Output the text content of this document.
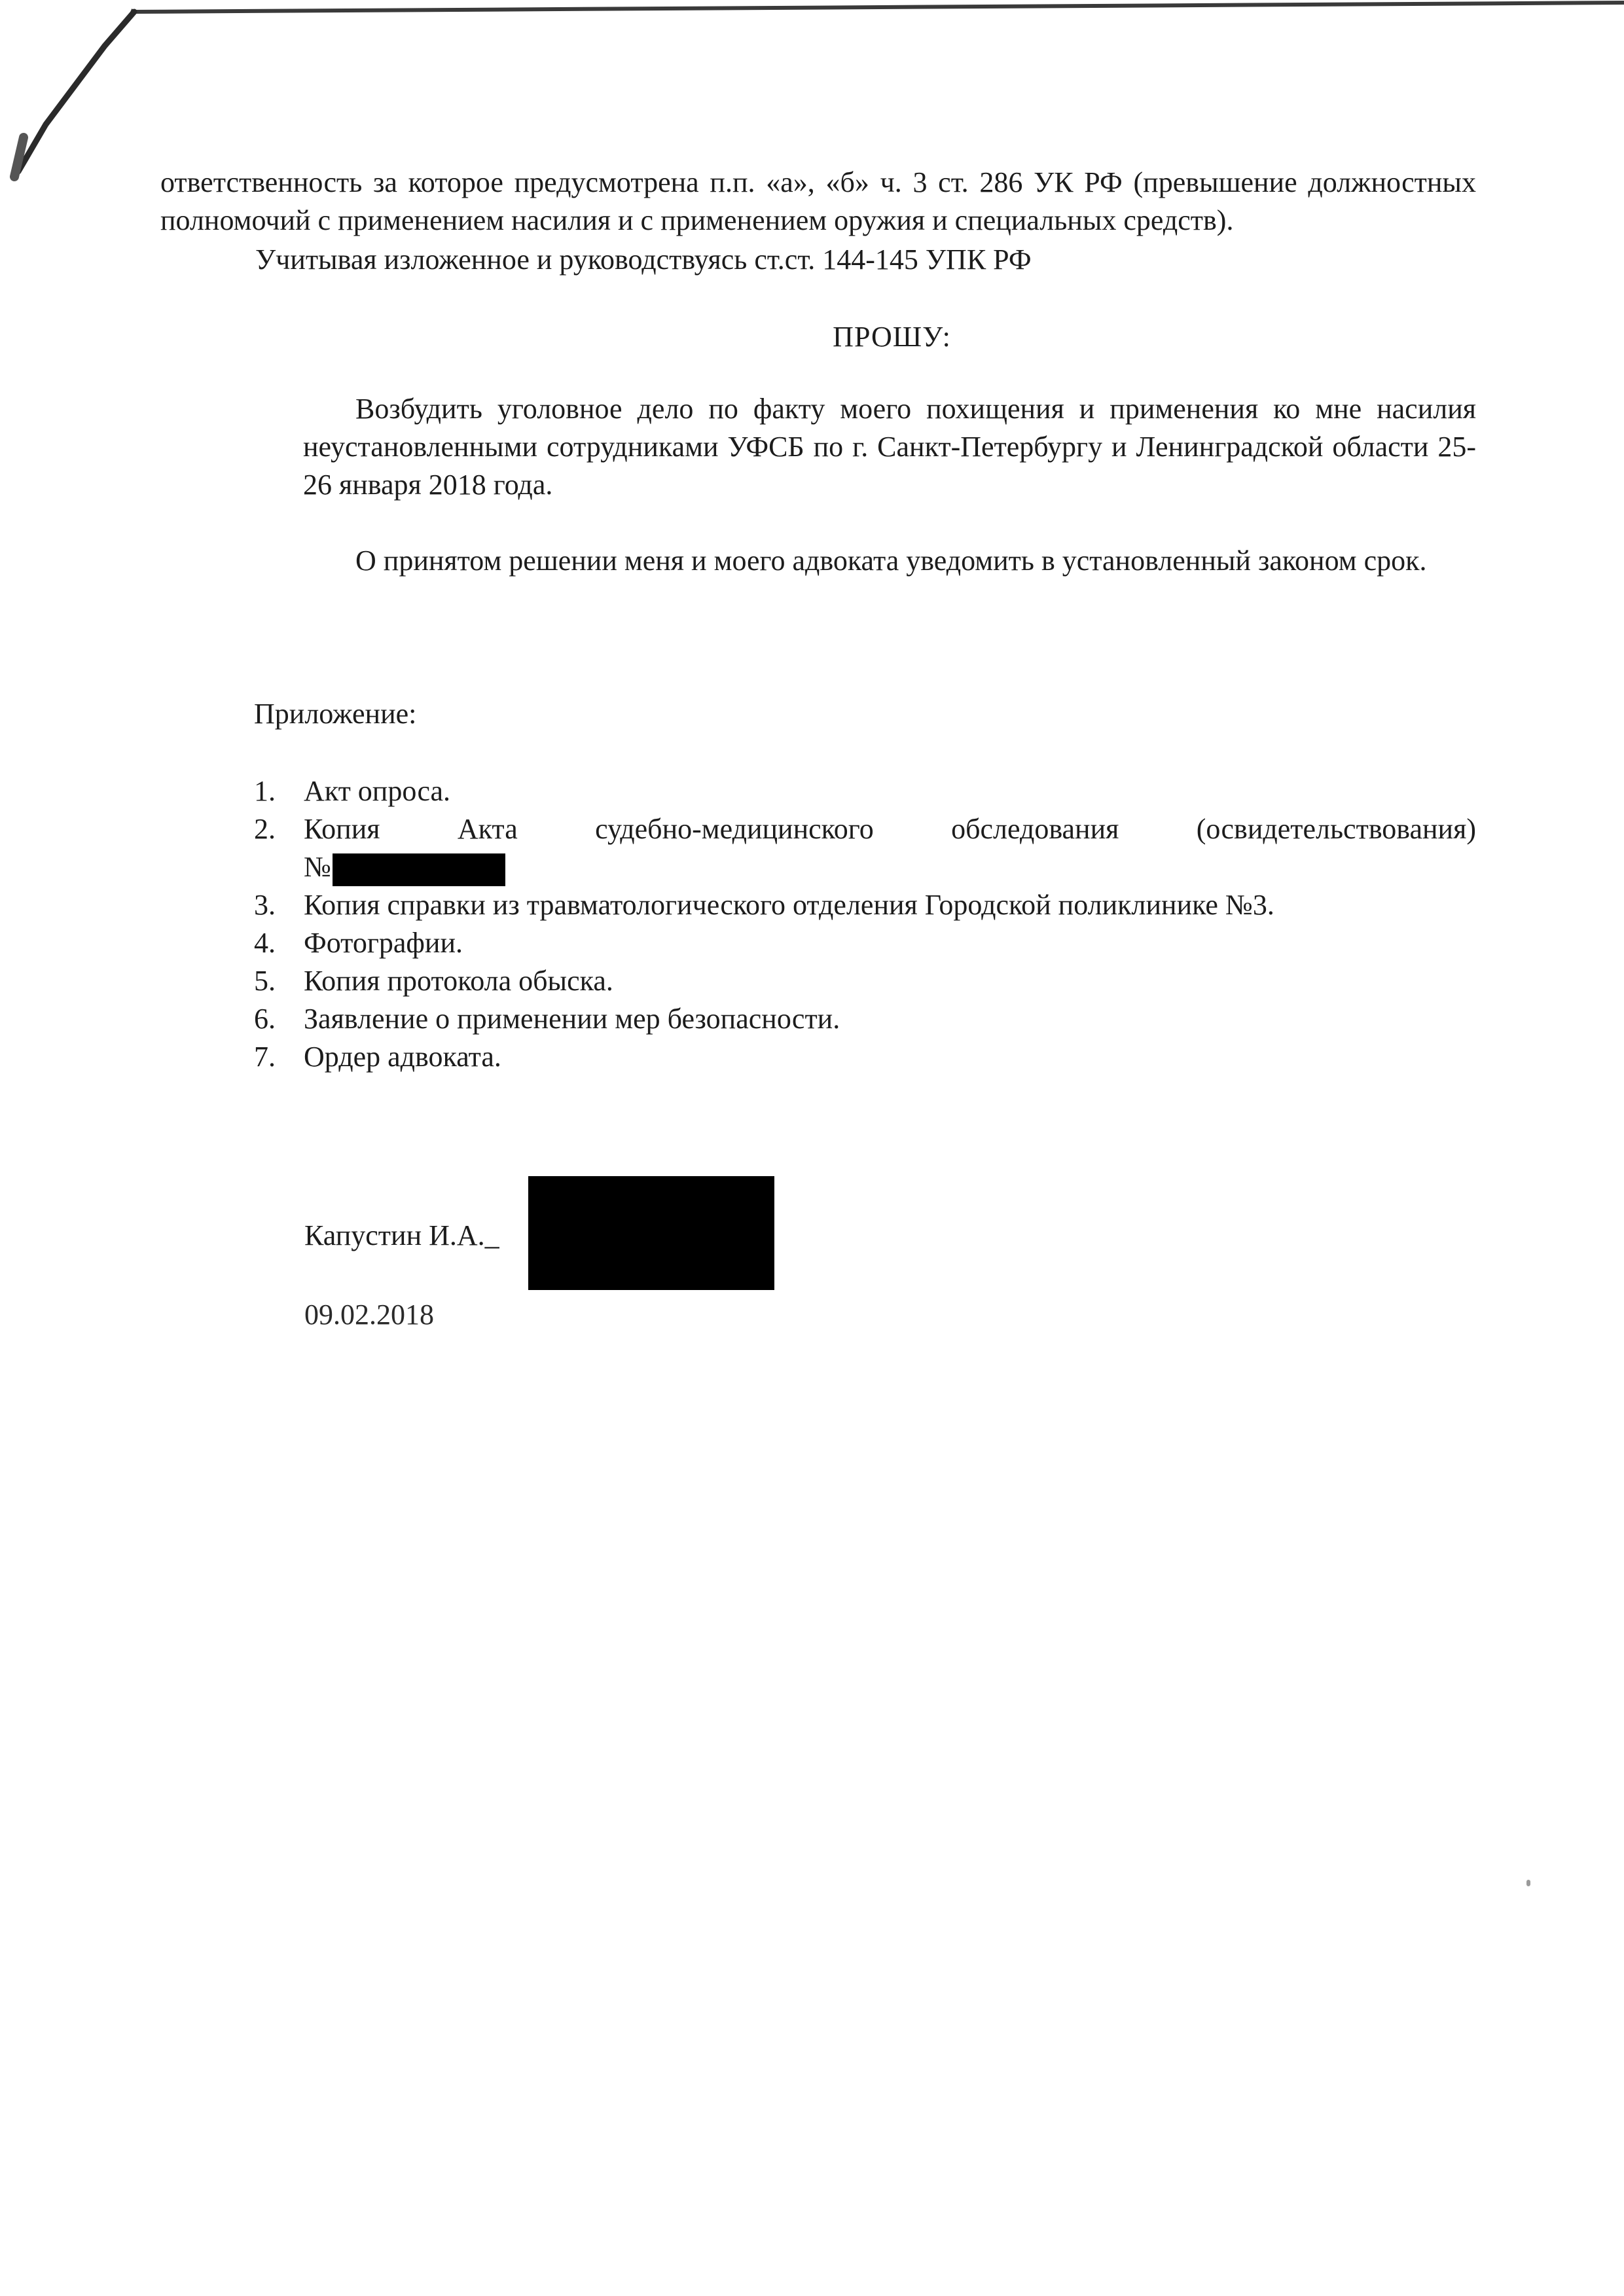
ответственность за которое предусмотрена п.п. «а», «б» ч. 3 ст. 286 УК РФ (превышение должностных полномочий с применением насилия и с применением оружия и специальных средств).

Учитывая изложенное и руководствуясь ст.ст. 144-145 УПК РФ

ПРОШУ:

Возбудить уголовное дело по факту моего похищения и применения ко мне насилия неустановленными сотрудниками УФСБ по г. Санкт-Петербургу и Ленинградской области 25-26 января 2018 года.

О принятом решении меня и моего адвоката уведомить в установленный законом срок.

Приложение:

1. Акт опроса.
2. Копия Акта судебно-медицинского обследования (освидетельствования)
№
3. Копия справки из травматологического отделения Городской поликлинике №3.
4. Фотографии.
5. Копия протокола обыска.
6. Заявление о применении мер безопасности.
7. Ордер адвоката.
Капустин И.А._
09.02.2018
